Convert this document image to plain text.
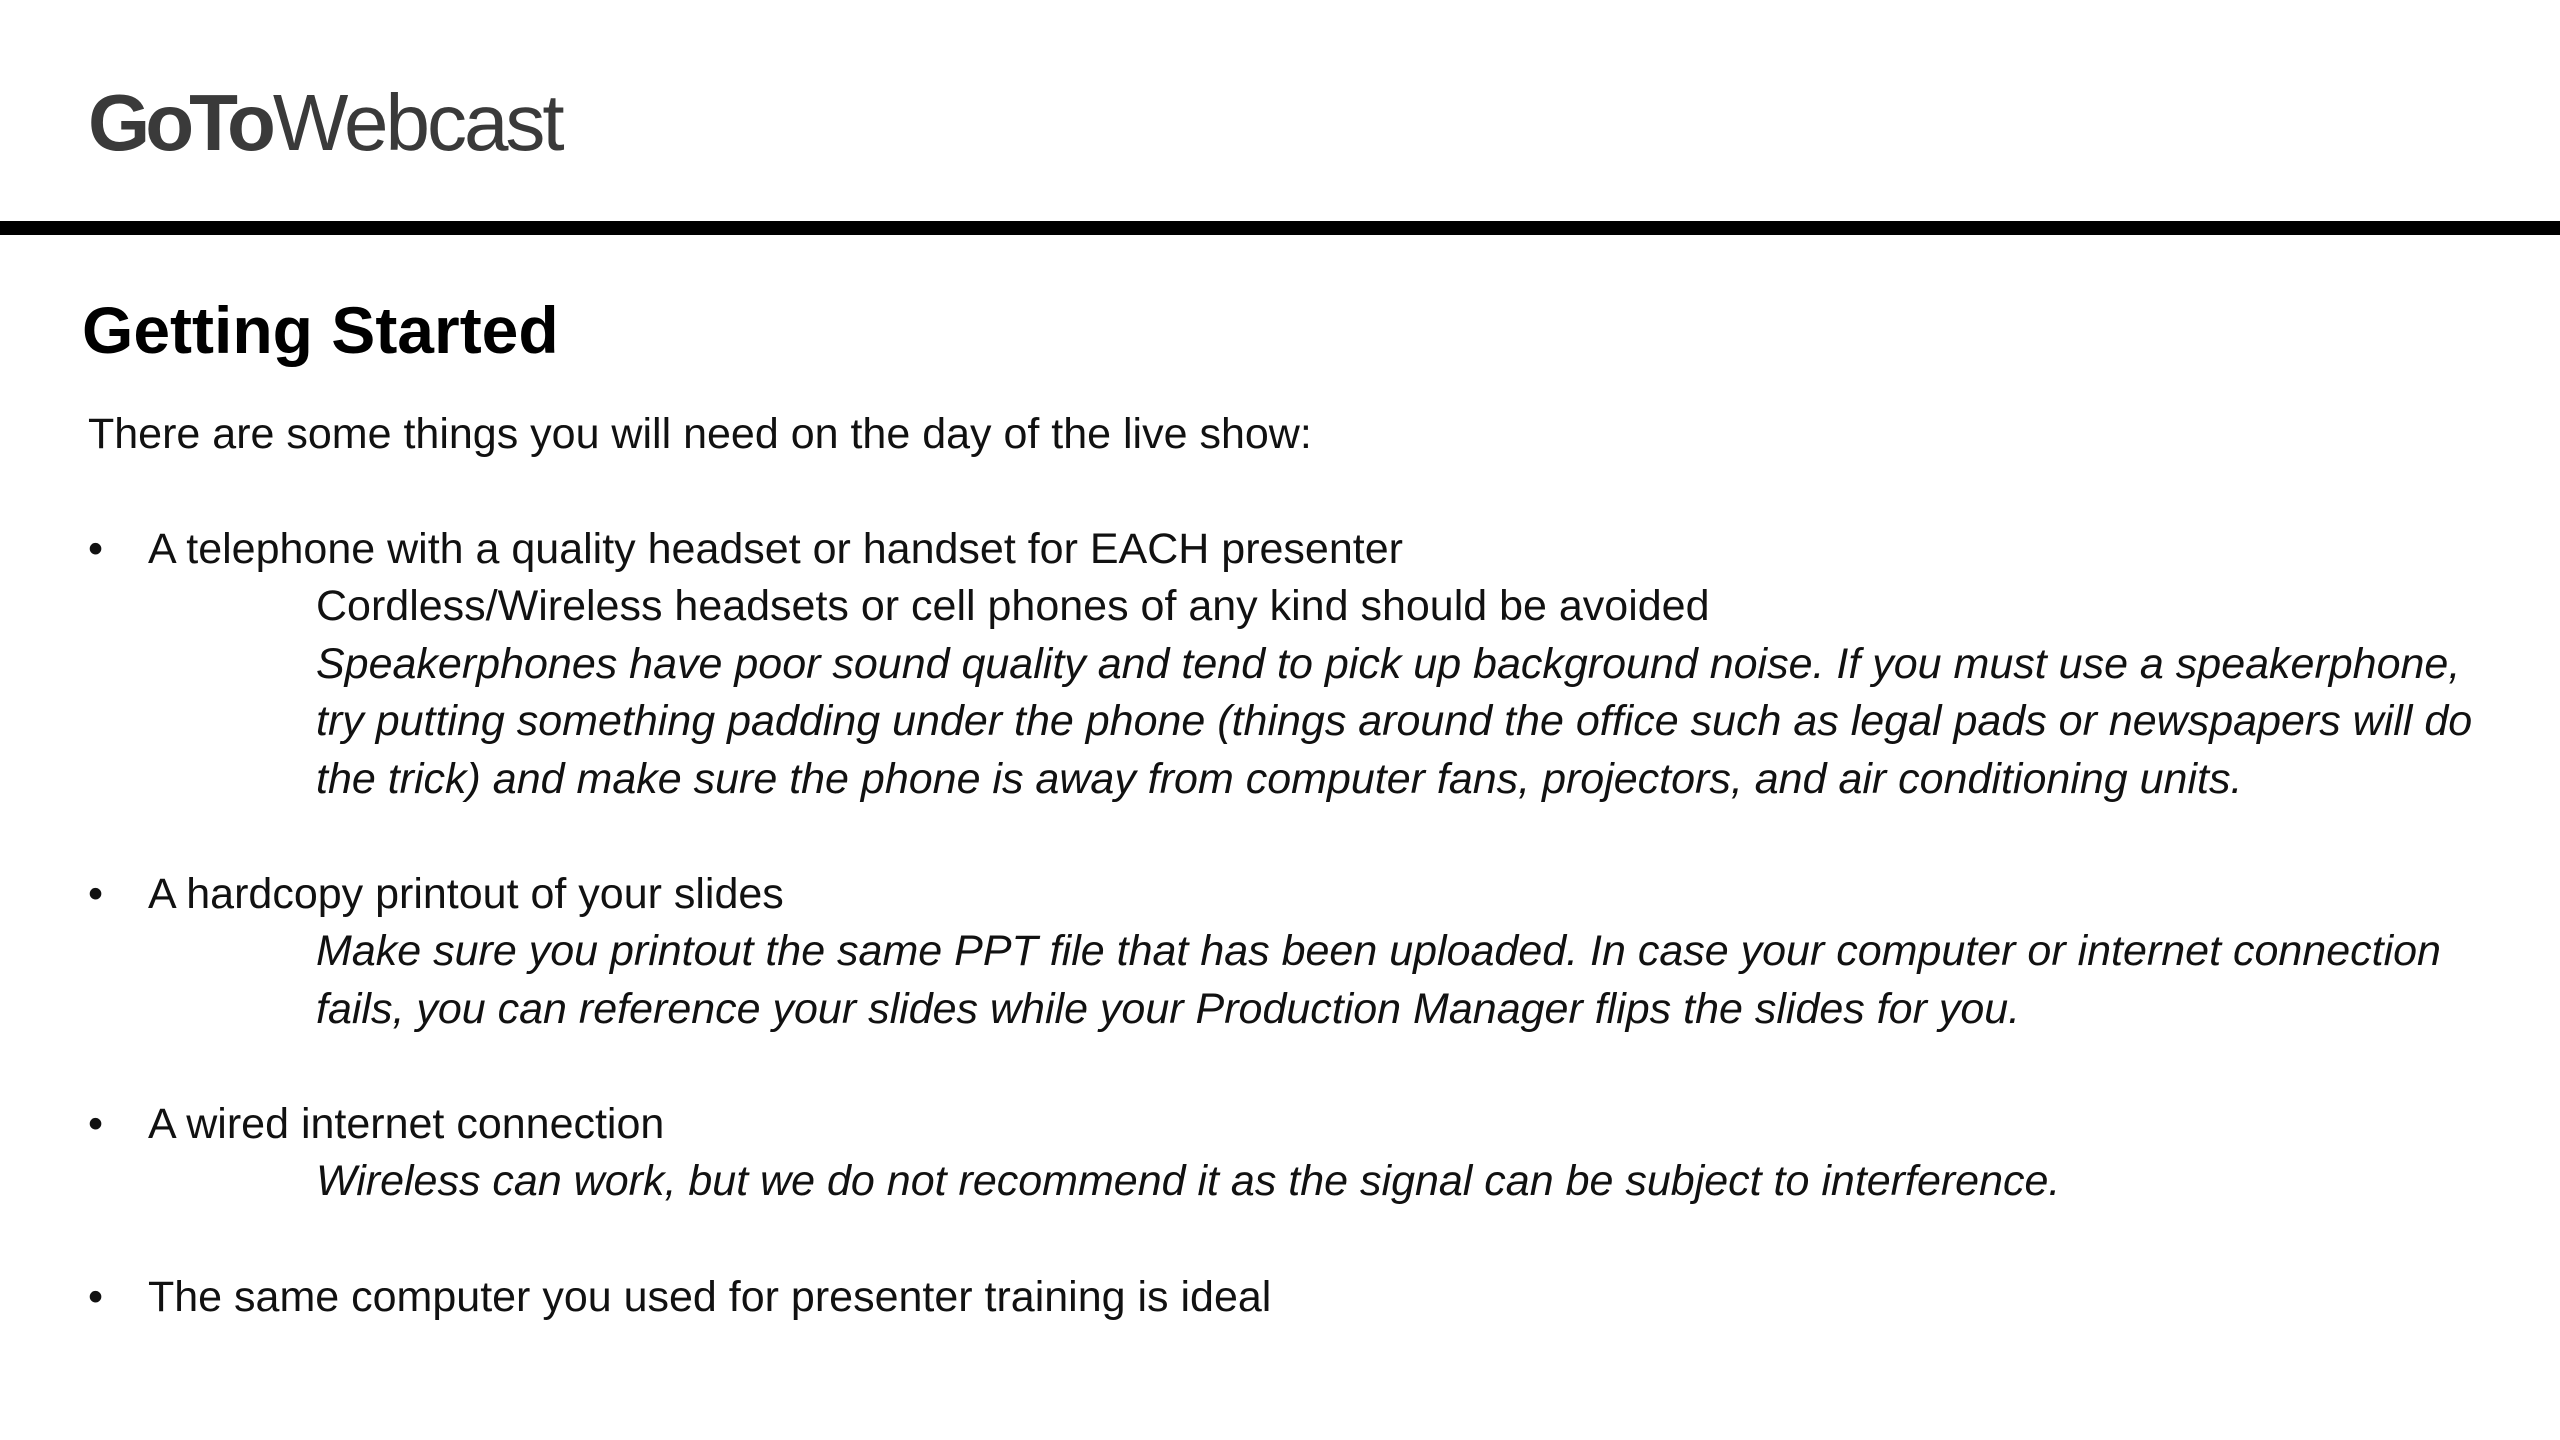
GoToWebcast
Getting Started
There are some things you will need on the day of the live show:
• A telephone with a quality headset or handset for EACH presenter
Cordless/Wireless headsets or cell phones of any kind should be avoided
Speakerphones have poor sound quality and tend to pick up background noise. If you must use a speakerphone, try putting something padding under the phone (things around the office such as legal pads or newspapers will do the trick) and make sure the phone is away from computer fans, projectors, and air conditioning units.
• A hardcopy printout of your slides
Make sure you printout the same PPT file that has been uploaded. In case your computer or internet connection fails, you can reference your slides while your Production Manager flips the slides for you.
• A wired internet connection
Wireless can work, but we do not recommend it as the signal can be subject to interference.
• The same computer you used for presenter training is ideal
